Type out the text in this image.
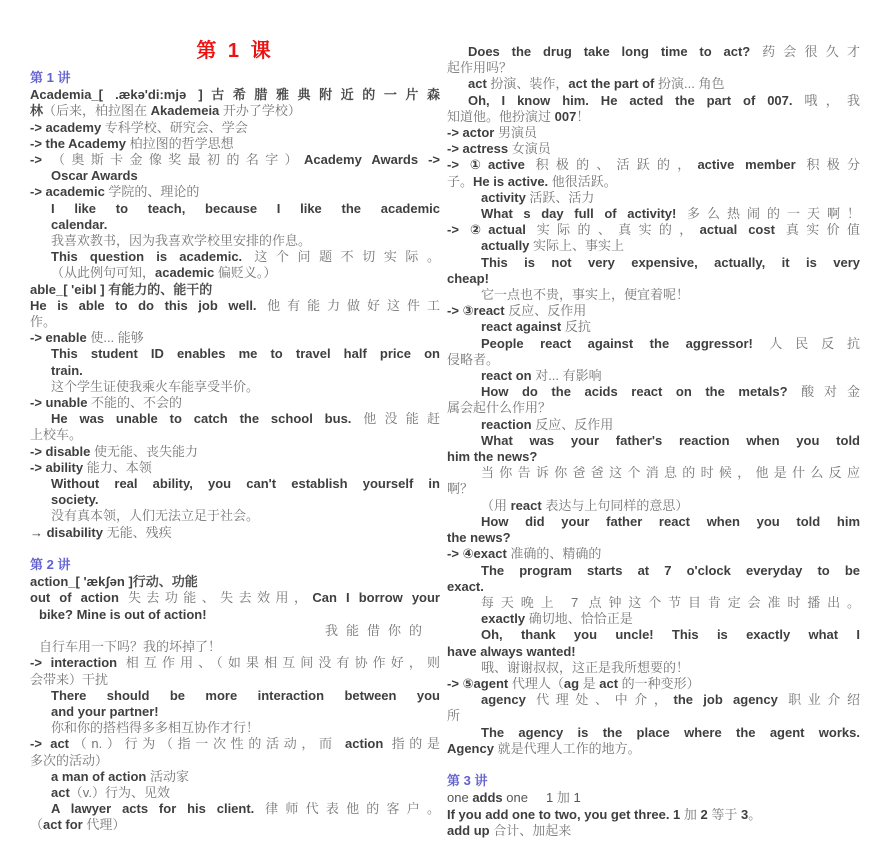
第 1 课
第 1 讲
Academia_[ .ækə'di:mjə ]古希腊雅典附近的一片森
林（后来，柏拉图在 Akademeia 开办了学校）
-> academy 专科学校、研究会、学会
-> the Academy 柏拉图的哲学思想
-> （奥斯卡金像奖最初的名字）Academy Awards ->
Oscar Awards
-> academic 学院的、理论的
I like to teach, because I like the academic
calendar.
我喜欢教书，因为我喜欢学校里安排的作息。
This question is academic. 这个问题不切实际。
（从此例句可知，academic 偏贬义。）
able_[ 'eibl ] 有能力的、能干的
He is able to do this job well. 他有能力做好这件工
作。
-> enable 使... 能够
This student ID enables me to travel half price on
train.
这个学生证使我乘火车能享受半价。
-> unable 不能的、不会的
He was unable to catch the school bus. 他没能赶
上校车。
-> disable 使无能、丧失能力
-> ability 能力、本领
Without real ability, you can't establish yourself in
society.
没有真本领，人们无法立足于社会。
→ disability 无能、残疾
第 2 讲
action_[ 'ækʃən ]行动、功能
out of action 失去功能、失去效用，Can I borrow your
bike? Mine is out of action!
我能借你的
自行车用一下吗？我的坏掉了！
-> interaction 相互作用、（如果相互间没有协作好，则
会带来）干扰
There should be more interaction between you
and your partner!
你和你的搭档得多多相互协作才行！
-> act（n.）行为（指一次性的活动，而 action 指的是
多次的活动）
a man of action 活动家
act（v.）行为、见效
A lawyer acts for his client. 律师代表他的客户。
（act for 代理）
Does the drug take long time to act? 药会很久才
起作用吗？
act 扮演、装作，act the part of 扮演... 角色
Oh, I know him. He acted the part of 007. 哦，我
知道他。他扮演过 007！
-> actor 男演员
-> actress 女演员
-> ①active 积极的、活跃的，active member 积极分
子。He is active. 他很活跃。
activity 活跃、活力
What s day full of activity! 多么热闹的一天啊！
-> ②actual 实际的、真实的，actual cost 真实价值
actually 实际上、事实上
This is not very expensive, actually, it is very
cheap!
它一点也不贵，事实上，便宜着呢！
-> ③react 反应、反作用
react against 反抗
People react against the aggressor! 人民反抗
侵略者。
react on 对... 有影响
How do the acids react on the metals? 酸对金
属会起什么作用？
reaction 反应、反作用
What was your father's reaction when you told
him the news?
当你告诉你爸爸这个消息的时候，他是什么反应
啊？
（用 react 表达与上句同样的意思）
How did your father react when you told him
the news?
-> ④exact 准确的、精确的
The program starts at 7 o'clock everyday to be
exact.
每天晚上 7 点钟这个节目肯定会准时播出。
exactly 确切地、恰恰正是
Oh, thank you uncle! This is exactly what I
have always wanted!
哦、谢谢叔叔，这正是我所想要的！
-> ⑤agent 代理人（ag 是 act 的一种变形）
agency 代理处、中介，the job agency 职业介绍
所
The agency is the place where the agent works.
Agency 就是代理人工作的地方。
第 3 讲
one adds one     1 加 1
If you add one to two, you get three. 1 加 2 等于 3。
add up 合计、加起来
